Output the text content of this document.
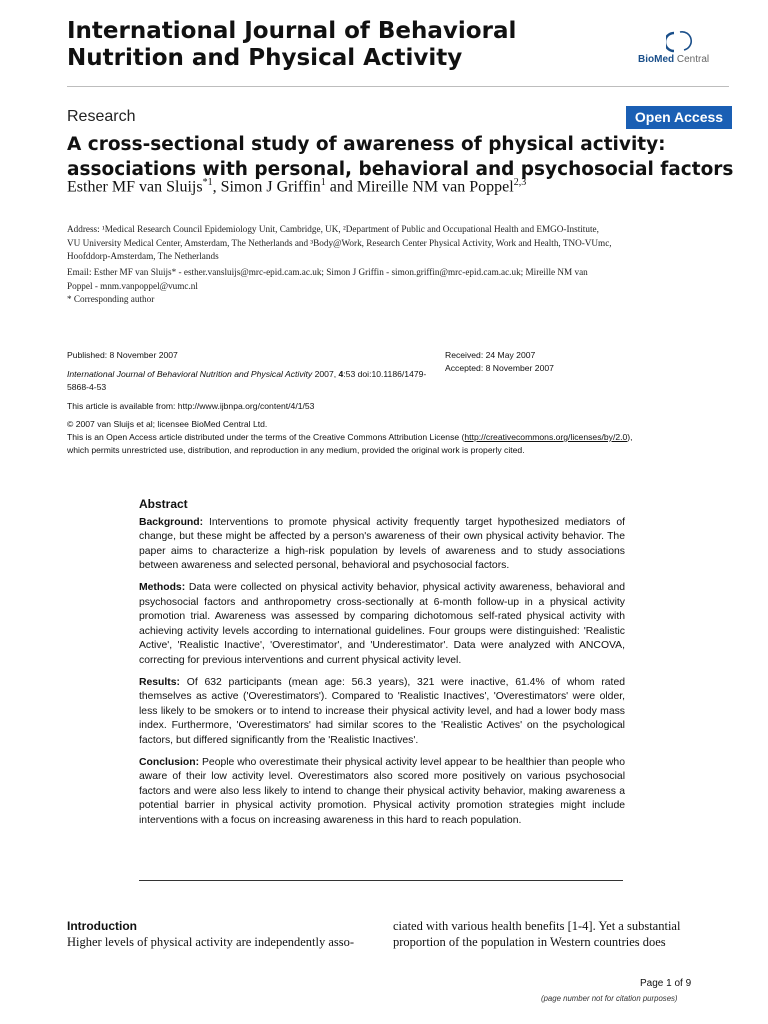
International Journal of Behavioral
Nutrition and Physical Activity	BioMed Central
Research	Open Access
A cross-sectional study of awareness of physical activity:
associations with personal, behavioral and psychosocial factors
Esther MF van Sluijs$^{*1}$, Simon J Griffin$^1$ and Mireille NM van Poppel$^{2,3}$
Address: ¹Medical Research Council Epidemiology Unit, Cambridge, UK, ²Department of Public and Occupational Health and EMGO-Institute,
VU University Medical Center, Amsterdam, The Netherlands and ³Body@Work, Research Center Physical Activity, Work and Health, TNO-VUmc,
Hoofddorp-Amsterdam, The Netherlands
Email: Esther MF van Sluijs* - esther.vansluijs@mrc-epid.cam.ac.uk; Simon J Griffin - simon.griffin@mrc-epid.cam.ac.uk; Mireille NM van
Poppel - mnm.vanpoppel@vumc.nl
* Corresponding author
Published: 8 November 2007
International Journal of Behavioral Nutrition and Physical Activity 2007, 4:53 doi:10.1186/1479-
5868-4-53
Received: 24 May 2007
Accepted: 8 November 2007
This article is available from: http://www.ijbnpa.org/content/4/1/53
© 2007 van Sluijs et al; licensee BioMed Central Ltd.
This is an Open Access article distributed under the terms of the Creative Commons Attribution License (http://creativecommons.org/licenses/by/2.0),
which permits unrestricted use, distribution, and reproduction in any medium, provided the original work is properly cited.
Abstract

Background: Interventions to promote physical activity frequently target hypothesized mediators of change, but these might be affected by a person's awareness of their own physical activity behavior. The paper aims to characterize a high-risk population by levels of awareness and to study associations between awareness and selected personal, behavioral and psychosocial factors.

Methods: Data were collected on physical activity behavior, physical activity awareness, behavioral and psychosocial factors and anthropometry cross-sectionally at 6-month follow-up in a physical activity promotion trial. Awareness was assessed by comparing dichotomous self-rated physical activity with achieving activity levels according to international guidelines. Four groups were distinguished: 'Realistic Active', 'Realistic Inactive', 'Overestimator', and 'Underestimator'. Data were analyzed with ANCOVA, correcting for previous interventions and current physical activity level.

Results: Of 632 participants (mean age: 56.3 years), 321 were inactive, 61.4% of whom rated themselves as active ('Overestimators'). Compared to 'Realistic Inactives', 'Overestimators' were older, less likely to be smokers or to intend to increase their physical activity level, and had a lower body mass index. Furthermore, 'Overestimators' had similar scores to the 'Realistic Actives' on the psychological factors, but differed significantly from the 'Realistic Inactives'.

Conclusion: People who overestimate their physical activity level appear to be healthier than people who aware of their low activity level. Overestimators also scored more positively on various psychosocial factors and were also less likely to intend to change their physical activity behavior, making awareness a potential barrier in physical activity promotion. Physical activity promotion strategies might include interventions with a focus on increasing awareness in this hard to reach population.

Introduction
Higher levels of physical activity are independently asso-
ciated with various health benefits [1-4]. Yet a substantial
proportion of the population in Western countries does
Page 1 of 9
(page number not for citation purposes)
